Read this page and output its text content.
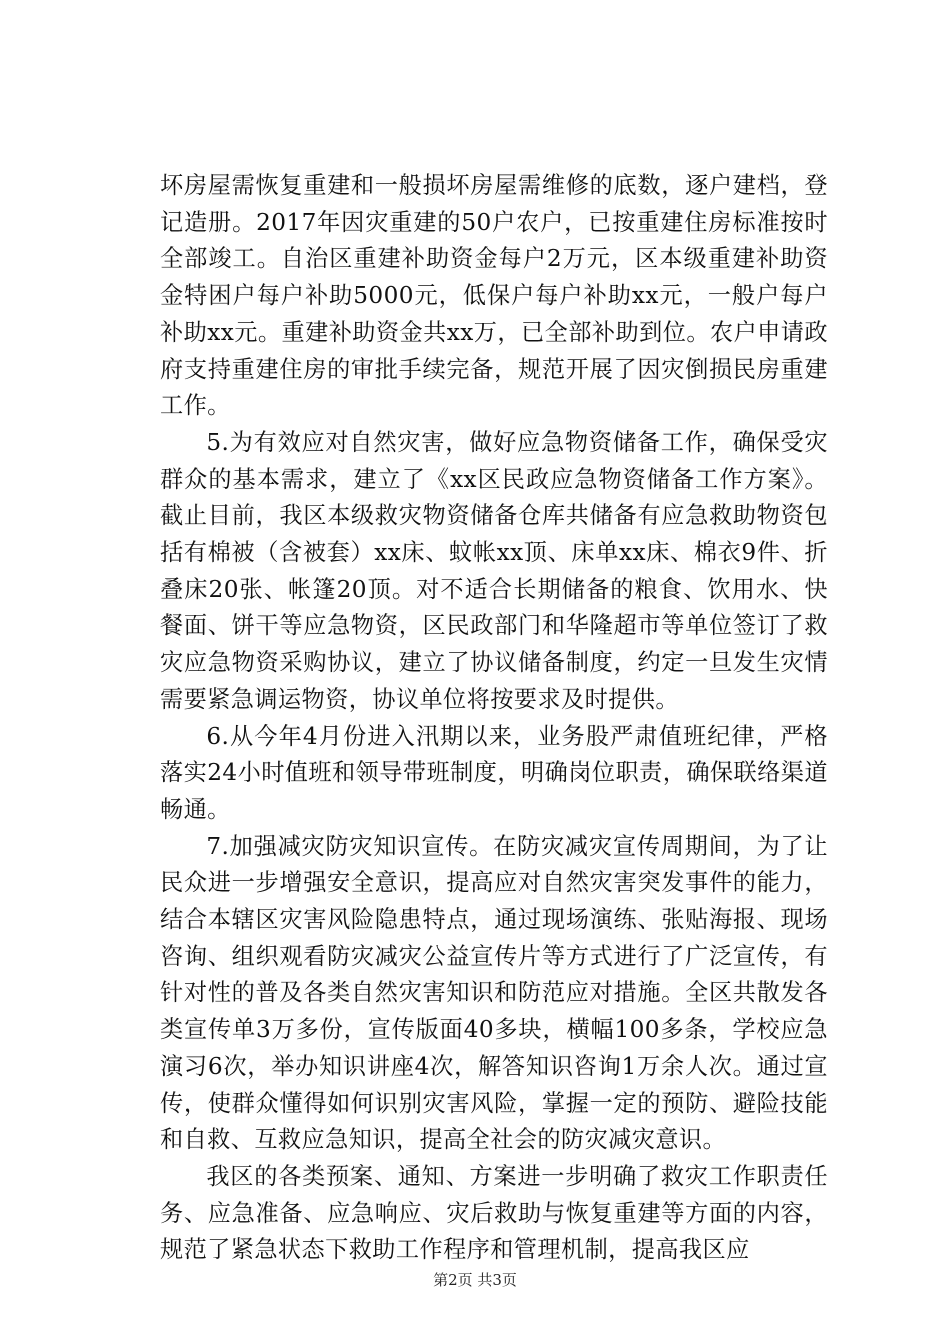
坏房屋需恢复重建和一般损坏房屋需维修的底数，逐户建档，登记造册。2017年因灾重建的50户农户，已按重建住房标准按时全部竣工。自治区重建补助资金每户2万元，区本级重建补助资金特困户每户补助5000元，低保户每户补助xx元，一般户每户补助xx元。重建补助资金共xx万，已全部补助到位。农户申请政府支持重建住房的审批手续完备，规范开展了因灾倒损民房重建工作。

5.为有效应对自然灾害，做好应急物资储备工作，确保受灾群众的基本需求，建立了《xx区民政应急物资储备工作方案》。截止目前，我区本级救灾物资储备仓库共储备有应急救助物资包括有棉被（含被套）xx床、蚊帐xx顶、床单xx床、棉衣9件、折叠床20张、帐篷20顶。对不适合长期储备的粮食、饮用水、快餐面、饼干等应急物资，区民政部门和华隆超市等单位签订了救灾应急物资采购协议，建立了协议储备制度，约定一旦发生灾情需要紧急调运物资，协议单位将按要求及时提供。

6.从今年4月份进入汛期以来，业务股严肃值班纪律，严格落实24小时值班和领导带班制度，明确岗位职责，确保联络渠道畅通。

7.加强减灾防灾知识宣传。在防灾减灾宣传周期间，为了让民众进一步增强安全意识，提高应对自然灾害突发事件的能力，结合本辖区灾害风险隐患特点，通过现场演练、张贴海报、现场咨询、组织观看防灾减灾公益宣传片等方式进行了广泛宣传，有针对性的普及各类自然灾害知识和防范应对措施。全区共散发各类宣传单3万多份，宣传版面40多块，横幅100多条，学校应急演习6次，举办知识讲座4次，解答知识咨询1万余人次。通过宣传，使群众懂得如何识别灾害风险，掌握一定的预防、避险技能和自救、互救应急知识，提高全社会的防灾减灾意识。

我区的各类预案、通知、方案进一步明确了救灾工作职责任务、应急准备、应急响应、灾后救助与恢复重建等方面的内容，规范了紧急状态下救助工作程序和管理机制，提高我区应

第2页 共3页
